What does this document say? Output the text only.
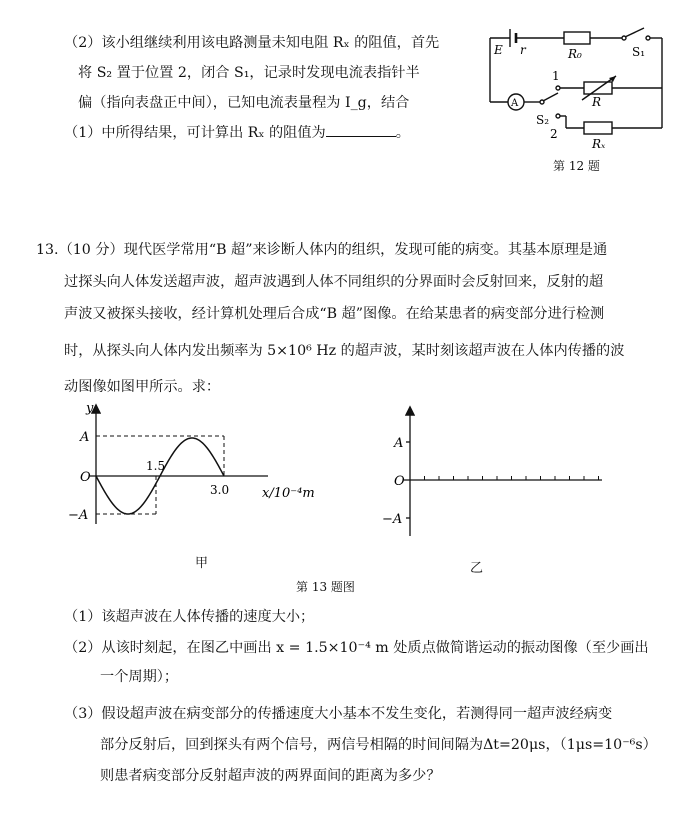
（2）该小组继续利用该电路测量未知电阻 Rₓ 的阻值，首先
将 S₂ 置于位置 2，闭合 S₁，记录时发现电流表指针半
偏（指向表盘正中间），已知电流表量程为 I_g，结合
（1）中所得结果，可计算出 Rₓ 的阻值为	。
E r	R₀	S₁
1
R
A
S₂
2
Rₓ
第 12 题
13.（10 分）现代医学常用“B 超”来诊断人体内的组织，发现可能的病变。其基本原理是通
过探头向人体发送超声波，超声波遇到人体不同组织的分界面时会反射回来，反射的超
声波又被探头接收，经计算机处理后合成“B 超”图像。在给某患者的病变部分进行检测
时，从探头向人体内发出频率为 5×10⁶ Hz 的超声波，某时刻该超声波在人体内传播的波
动图像如图甲所示。求：
y
A
O
−A
1.5
3.0	x/10⁻⁴m
甲
A
O
−A
乙
第 13 题图
（1）该超声波在人体传播的速度大小；
（2）从该时刻起，在图乙中画出 x = 1.5×10⁻⁴ m 处质点做简谐运动的振动图像（至少画出
一个周期）；
（3）假设超声波在病变部分的传播速度大小基本不发生变化，若测得同一超声波经病变
部分反射后，回到探头有两个信号，两信号相隔的时间间隔为Δt=20μs，（1μs=10⁻⁶s）
则患者病变部分反射超声波的两界面间的距离为多少？
